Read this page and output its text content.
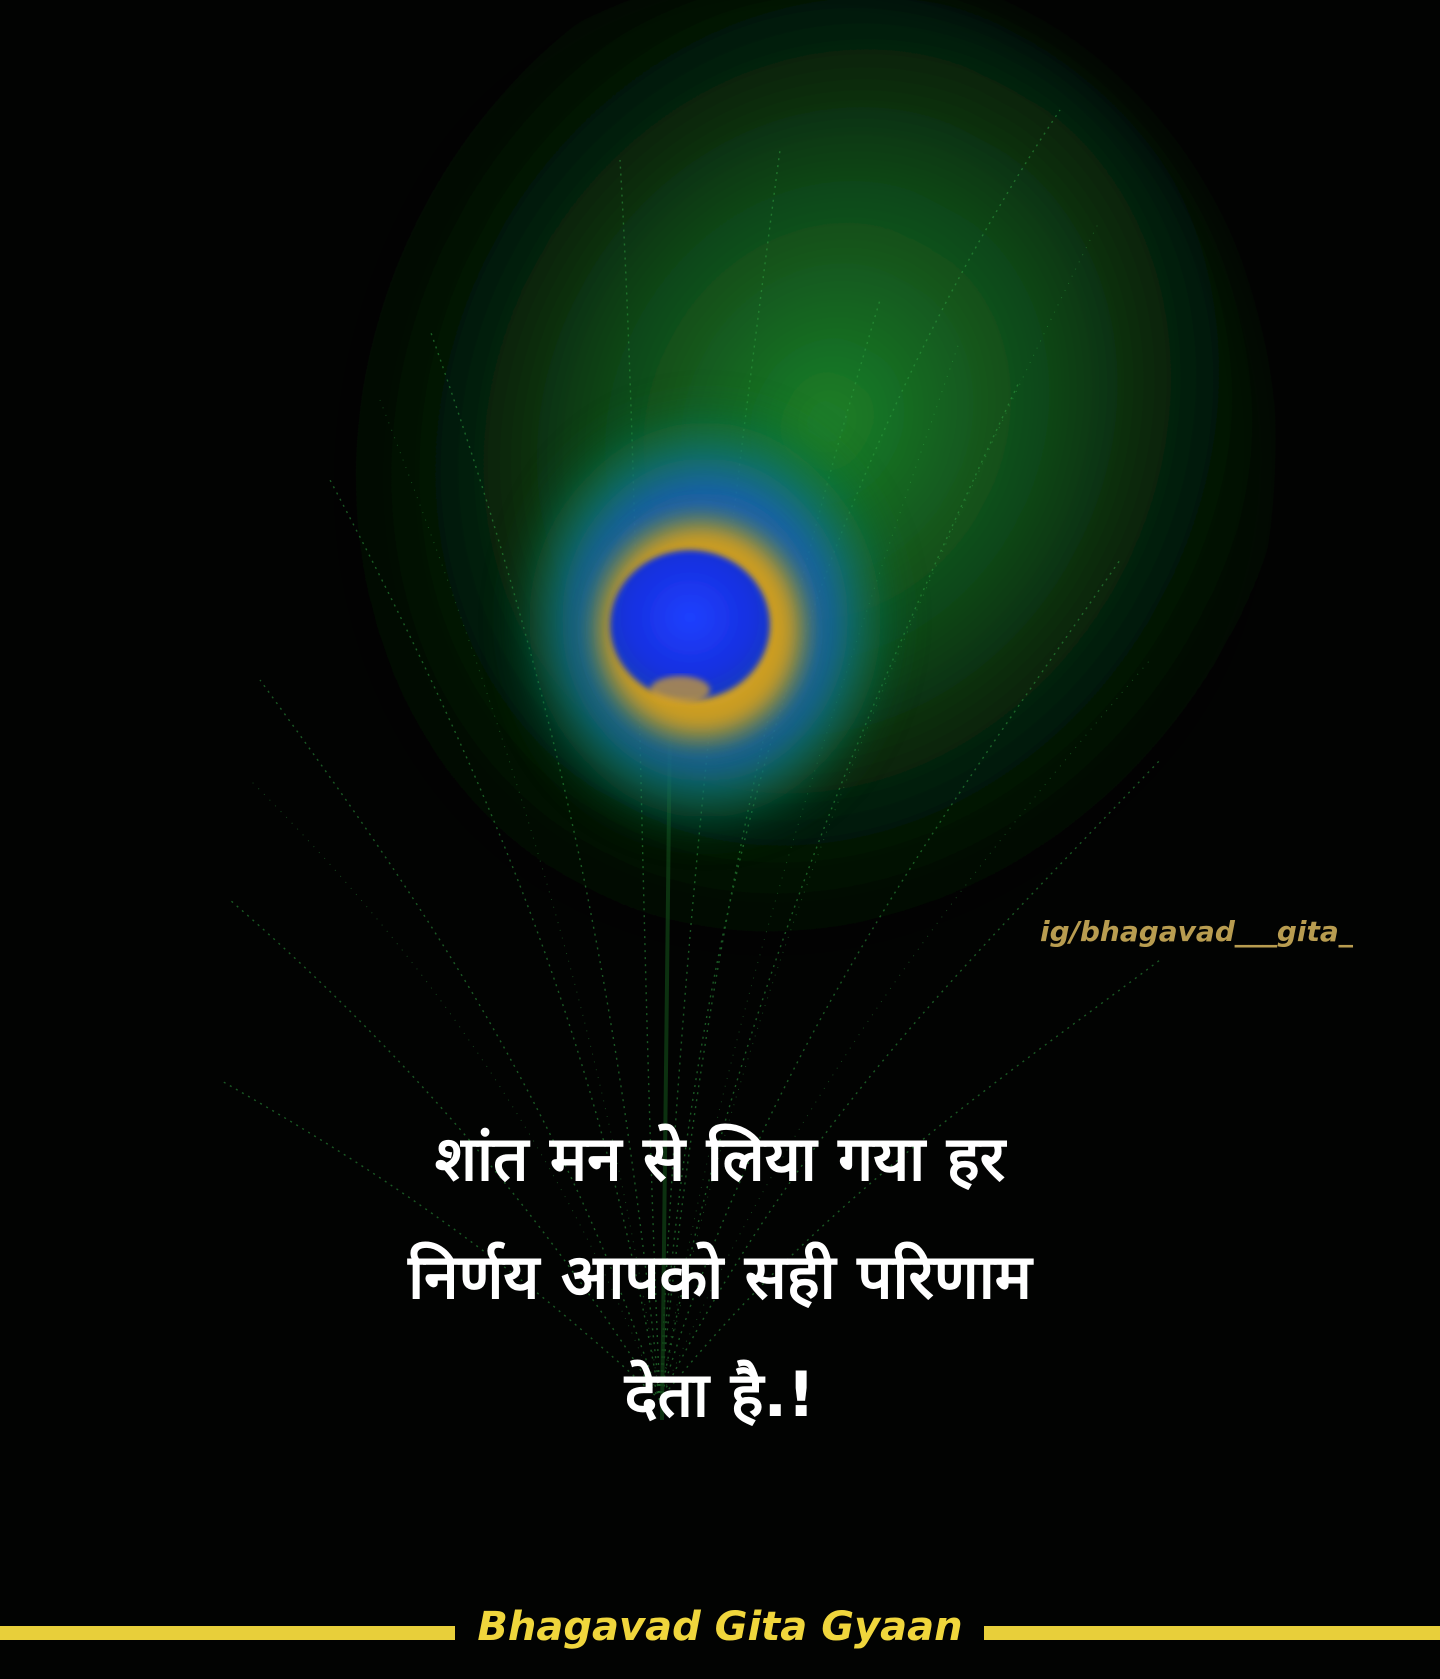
ig/bhagavad___gita_
शांत मन से लिया गया हर
निर्णय आपको सही परिणाम
देता है.!
Bhagavad Gita Gyaan
